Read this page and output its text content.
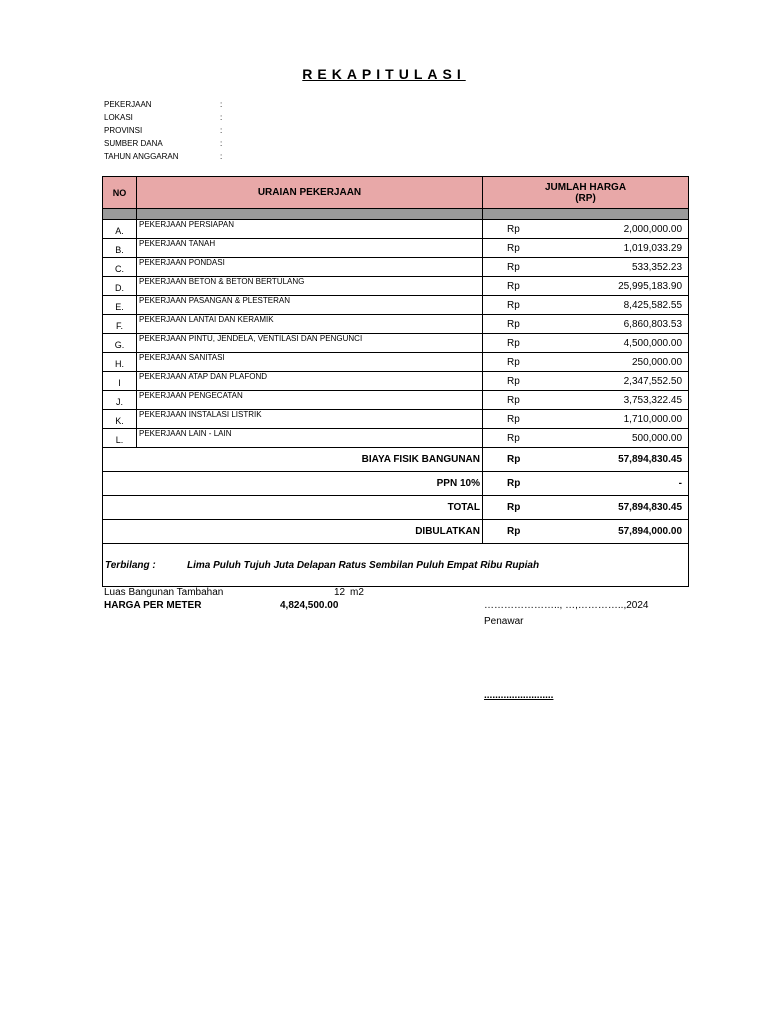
REKAPITULASI
PEKERJAAN	:
LOKASI	:
PROVINSI	:
SUMBER DANA	:
TAHUN ANGGARAN	:
NO	URAIAN PEKERJAAN	JUMLAH HARGA
(RP)	

A.	PEKERJAAN PERSIAPAN	Rp	2,000,000.00
B.	PEKERJAAN TANAH	Rp	1,019,033.29
C.	PEKERJAAN PONDASI	Rp	533,352.23
D.	PEKERJAAN BETON & BETON BERTULANG	Rp	25,995,183.90
E.	PEKERJAAN PASANGAN & PLESTERAN	Rp	8,425,582.55
F.	PEKERJAAN LANTAI DAN KERAMIK	Rp	6,860,803.53
G.	PEKERJAAN PINTU, JENDELA, VENTILASI DAN PENGUNCI	Rp	4,500,000.00
H.	PEKERJAAN SANITASI	Rp	250,000.00
I	PEKERJAAN ATAP DAN PLAFOND	Rp	2,347,552.50
J.	PEKERJAAN PENGECATAN	Rp	3,753,322.45
K.	PEKERJAAN INSTALASI LISTRIK	Rp	1,710,000.00
L.	PEKERJAAN LAIN - LAIN	Rp	500,000.00
BIAYA FISIK BANGUNAN		Rp	57,894,830.45
PPN 10%		Rp	-
TOTAL		Rp	57,894,830.45
DIBULATKAN		Rp	57,894,000.00
Terbilang : Lima Puluh Tujuh Juta Delapan Ratus Sembilan Puluh Empat Ribu Rupiah			
Luas Bangunan Tambahan	12 m2
HARGA PER METER	4,824,500.00	………………….., …,…………..,2024
Penawar
.........................
